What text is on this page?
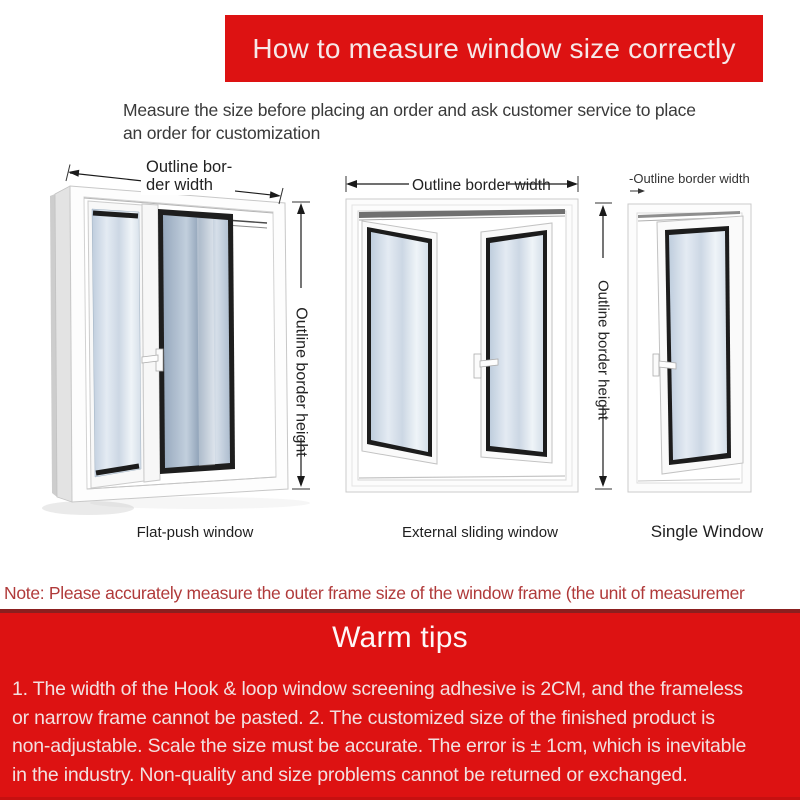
How to measure window size correctly
Measure the size before placing an order and ask customer service to place
an order for customization
Outline bor-
der width
Outline border height
Outline border width
Outline border height
-Outline border width
Flat-push window	External sliding window	Single Window
Note: Please accurately measure the outer frame size of the window frame (the unit of measuremer
Warm tips
1. The width of the Hook & loop window screening adhesive is 2CM, and the frameless
or narrow frame cannot be pasted. 2. The customized size of the finished product is
non-adjustable. Scale the size must be accurate. The error is ± 1cm, which is inevitable
in the industry. Non-quality and size problems cannot be returned or exchanged.
